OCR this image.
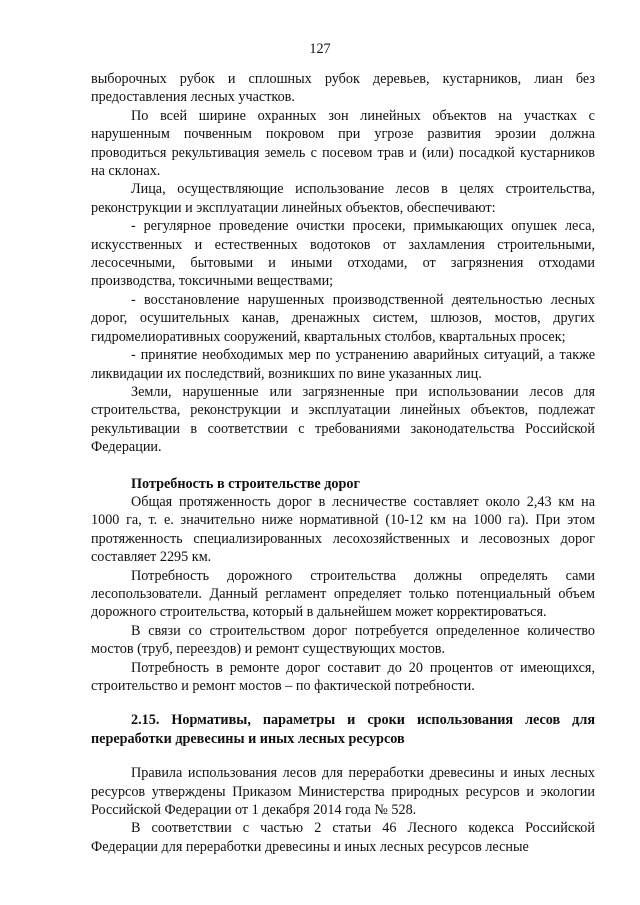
127

выборочных рубок и сплошных рубок деревьев, кустарников, лиан без предоставления лесных участков.

По всей ширине охранных зон линейных объектов на участках с нарушенным почвенным покровом при угрозе развития эрозии должна проводиться рекультивация земель с посевом трав и (или) посадкой кустарников на склонах.

Лица, осуществляющие использование лесов в целях строительства, реконструкции и эксплуатации линейных объектов, обеспечивают:

- регулярное проведение очистки просеки, примыкающих опушек леса, искусственных и естественных водотоков от захламления строительными, лесосечными, бытовыми и иными отходами, от загрязнения отходами производства, токсичными веществами;

- восстановление нарушенных производственной деятельностью лесных дорог, осушительных канав, дренажных систем, шлюзов, мостов, других гидромелиоративных сооружений, квартальных столбов, квартальных просек;

- принятие необходимых мер по устранению аварийных ситуаций, а также ликвидации их последствий, возникших по вине указанных лиц.

Земли, нарушенные или загрязненные при использовании лесов для строительства, реконструкции и эксплуатации линейных объектов, подлежат рекультивации в соответствии с требованиями законодательства Российской Федерации.

Потребность в строительстве дорог

Общая протяженность дорог в лесничестве составляет около 2,43 км на 1000 га, т. е. значительно ниже нормативной (10-12 км на 1000 га). При этом протяженность специализированных лесохозяйственных и лесовозных дорог составляет 2295 км.

Потребность дорожного строительства должны определять сами лесопользователи. Данный регламент определяет только потенциальный объем дорожного строительства, который в дальнейшем может корректироваться.

В связи со строительством дорог потребуется определенное количество мостов (труб, переездов) и ремонт существующих мостов.

Потребность в ремонте дорог составит до 20 процентов от имеющихся, строительство и ремонт мостов – по фактической потребности.

2.15. Нормативы, параметры и сроки использования лесов для переработки древесины и иных лесных ресурсов

Правила использования лесов для переработки древесины и иных лесных ресурсов утверждены Приказом Министерства природных ресурсов и экологии Российской Федерации от 1 декабря 2014 года № 528.

В соответствии с частью 2 статьи 46 Лесного кодекса Российской Федерации для переработки древесины и иных лесных ресурсов лесные
